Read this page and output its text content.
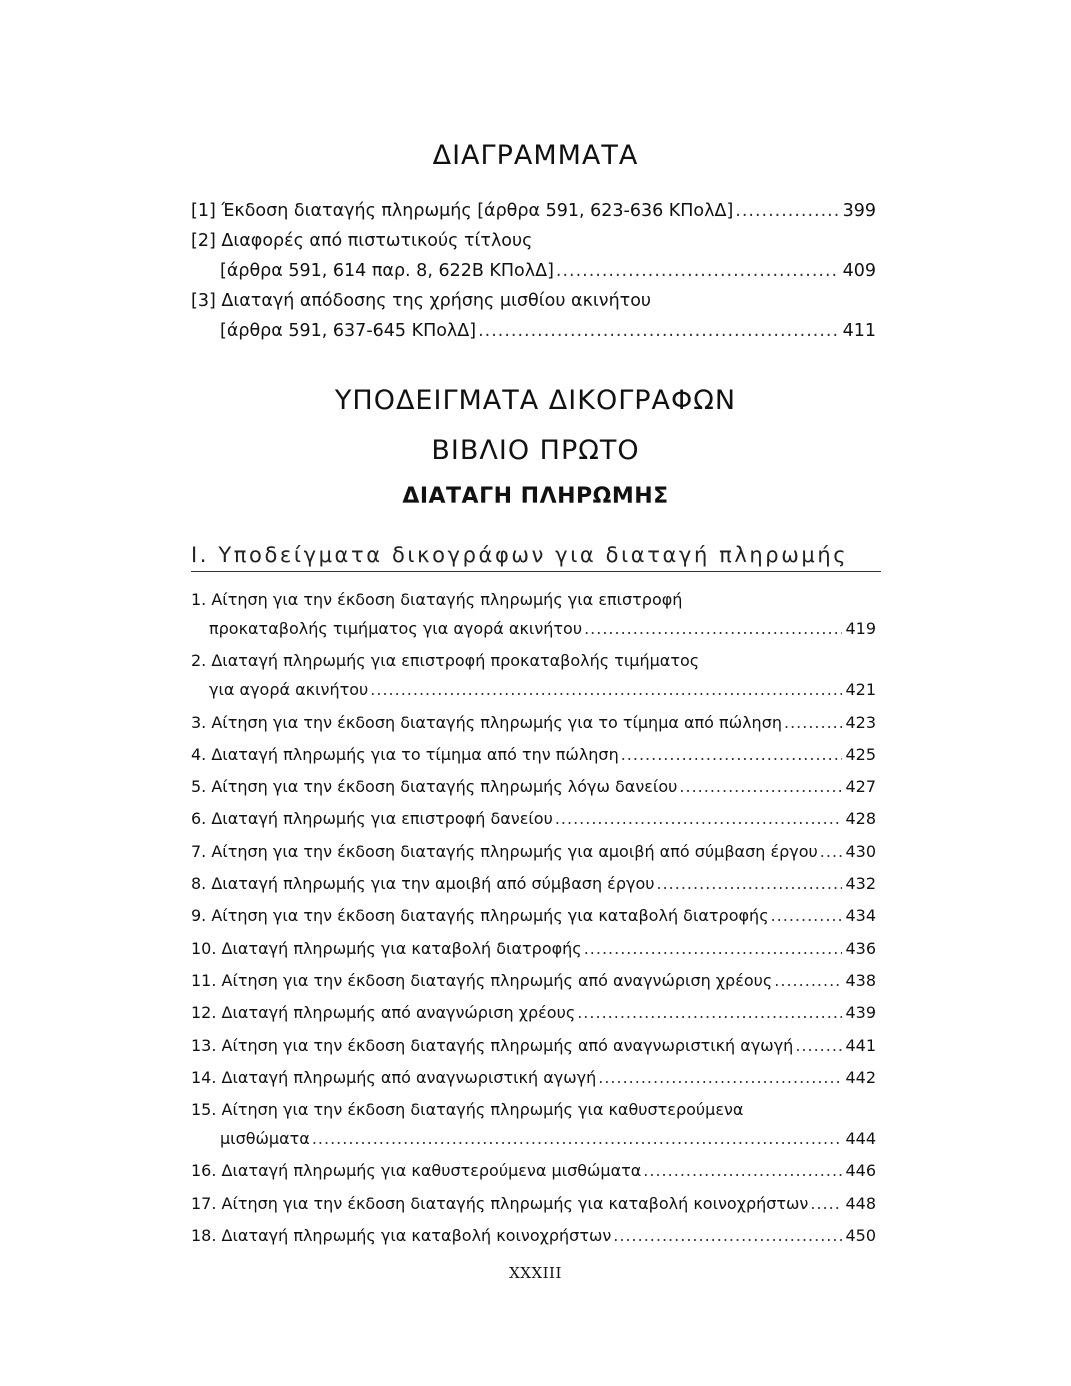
ΔΙΑΓΡΑΜΜΑΤΑ
[1] Έκδοση διαταγής πληρωμής [άρθρα 591, 623-636 ΚΠολΔ] .....	399
[2] Διαφορές από πιστωτικούς τίτλους
[άρθρα 591, 614 παρ. 8, 622Β ΚΠολΔ] .....	409
[3] Διαταγή απόδοσης της χρήσης μισθίου ακινήτου
[άρθρα 591, 637-645 ΚΠολΔ] .....	411
ΥΠΟΔΕΙΓΜΑΤΑ ΔΙΚΟΓΡΑΦΩΝ
ΒΙΒΛΙΟ ΠΡΩΤΟ
ΔΙΑΤΑΓΗ ΠΛΗΡΩΜΗΣ
Ι. Υποδείγματα δικογράφων για διαταγή πληρωμής
1. Αίτηση για την έκδοση διαταγής πληρωμής για επιστροφή
προκαταβολής τιμήματος για αγορά ακινήτου .....	419
2. Διαταγή πληρωμής για επιστροφή προκαταβολής τιμήματος
για αγορά ακινήτου .....	421
3. Αίτηση για την έκδοση διαταγής πληρωμής για το τίμημα από πώληση .....	423
4. Διαταγή πληρωμής για το τίμημα από την πώληση .....	425
5. Αίτηση για την έκδοση διαταγής πληρωμής λόγω δανείου .....	427
6. Διαταγή πληρωμής για επιστροφή δανείου .....	428
7. Αίτηση για την έκδοση διαταγής πληρωμής για αμοιβή από σύμβαση έργου ..... 430
8. Διαταγή πληρωμής για την αμοιβή από σύμβαση έργου .....	432
9. Αίτηση για την έκδοση διαταγής πληρωμής για καταβολή διατροφής .....	434
10. Διαταγή πληρωμής για καταβολή διατροφής .....	436
11. Αίτηση για την έκδοση διαταγής πληρωμής από αναγνώριση χρέους .....	438
12. Διαταγή πληρωμής από αναγνώριση χρέους .....	439
13. Αίτηση για την έκδοση διαταγής πληρωμής από αναγνωριστική αγωγή .....	441
14. Διαταγή πληρωμής από αναγνωριστική αγωγή .....	442
15. Αίτηση για την έκδοση διαταγής πληρωμής για καθυστερούμενα
μισθώματα .....	444
16. Διαταγή πληρωμής για καθυστερούμενα μισθώματα .....	446
17. Αίτηση για την έκδοση διαταγής πληρωμής για καταβολή κοινοχρήστων ..... 448
18. Διαταγή πληρωμής για καταβολή κοινοχρήστων .....	450
XXXIII
